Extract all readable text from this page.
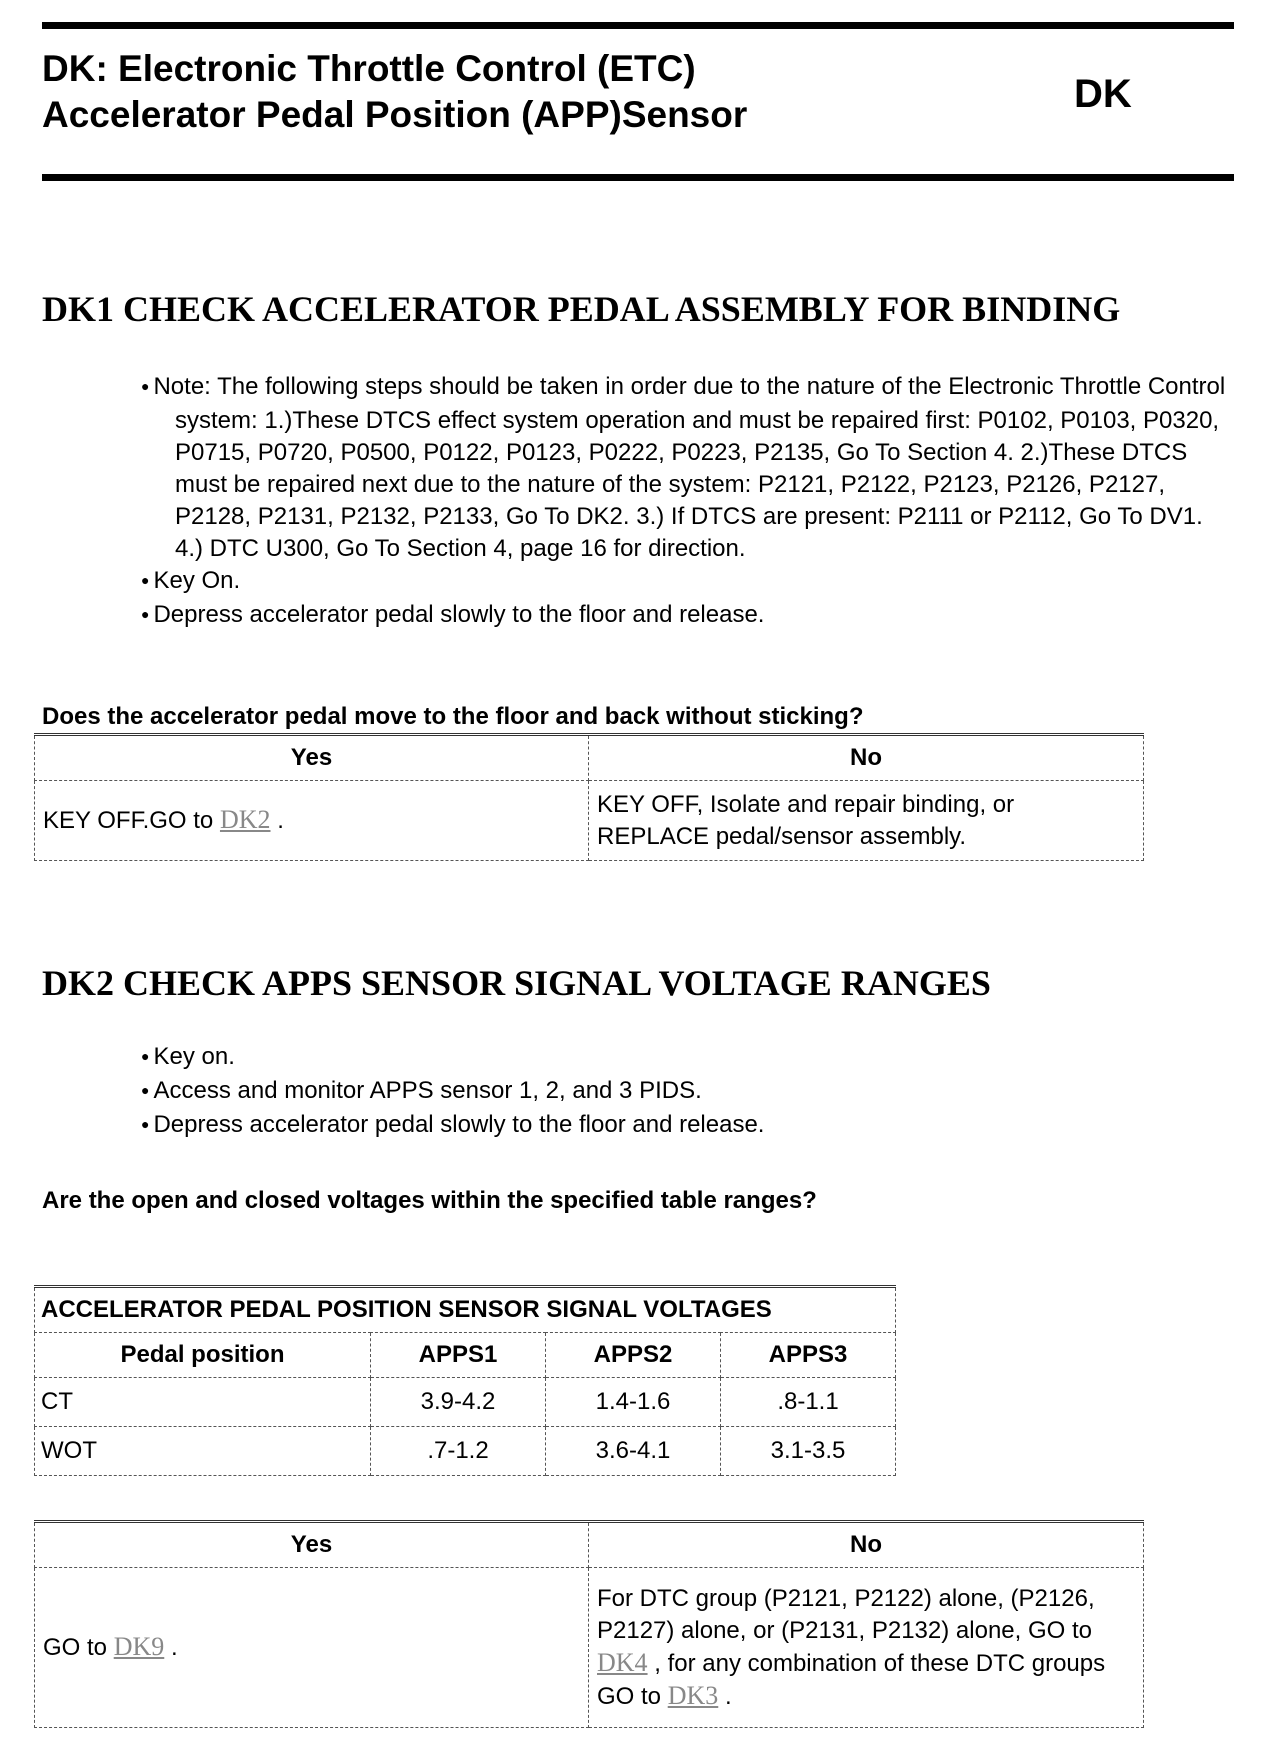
DK: Electronic Throttle Control (ETC)
Accelerator Pedal Position (APP)Sensor	DK
DK1 CHECK ACCELERATOR PEDAL ASSEMBLY FOR BINDING
● Note: The following steps should be taken in order due to the nature of the Electronic Throttle Control system: 1.)These DTCS effect system operation and must be repaired first: P0102, P0103, P0320, P0715, P0720, P0500, P0122, P0123, P0222, P0223, P2135, Go To Section 4. 2.)These DTCS must be repaired next due to the nature of the system: P2121, P2122, P2123, P2126, P2127, P2128, P2131, P2132, P2133, Go To DK2. 3.) If DTCS are present: P2111 or P2112, Go To DV1. 4.) DTC U300, Go To Section 4, page 16 for direction.
● Key On.
● Depress accelerator pedal slowly to the floor and release.

Does the accelerator pedal move to the floor and back without sticking?

Yes	No
KEY OFF.GO to DK2 .	KEY OFF, Isolate and repair binding, or
REPLACE pedal/sensor assembly.
DK2 CHECK APPS SENSOR SIGNAL VOLTAGE RANGES
● Key on.
● Access and monitor APPS sensor 1, 2, and 3 PIDS.
● Depress accelerator pedal slowly to the floor and release.

Are the open and closed voltages within the specified table ranges?

ACCELERATOR PEDAL POSITION SENSOR SIGNAL VOLTAGES			
Pedal position	APPS1	APPS2	APPS3
CT	3.9-4.2	1.4-1.6	.8-1.1
WOT	.7-1.2	3.6-4.1	3.1-3.5
Yes	No
GO to DK9 .	For DTC group (P2121, P2122) alone, (P2126, P2127) alone, or (P2131, P2132) alone, GO to DK4 , for any combination of these DTC groups GO to DK3 .
